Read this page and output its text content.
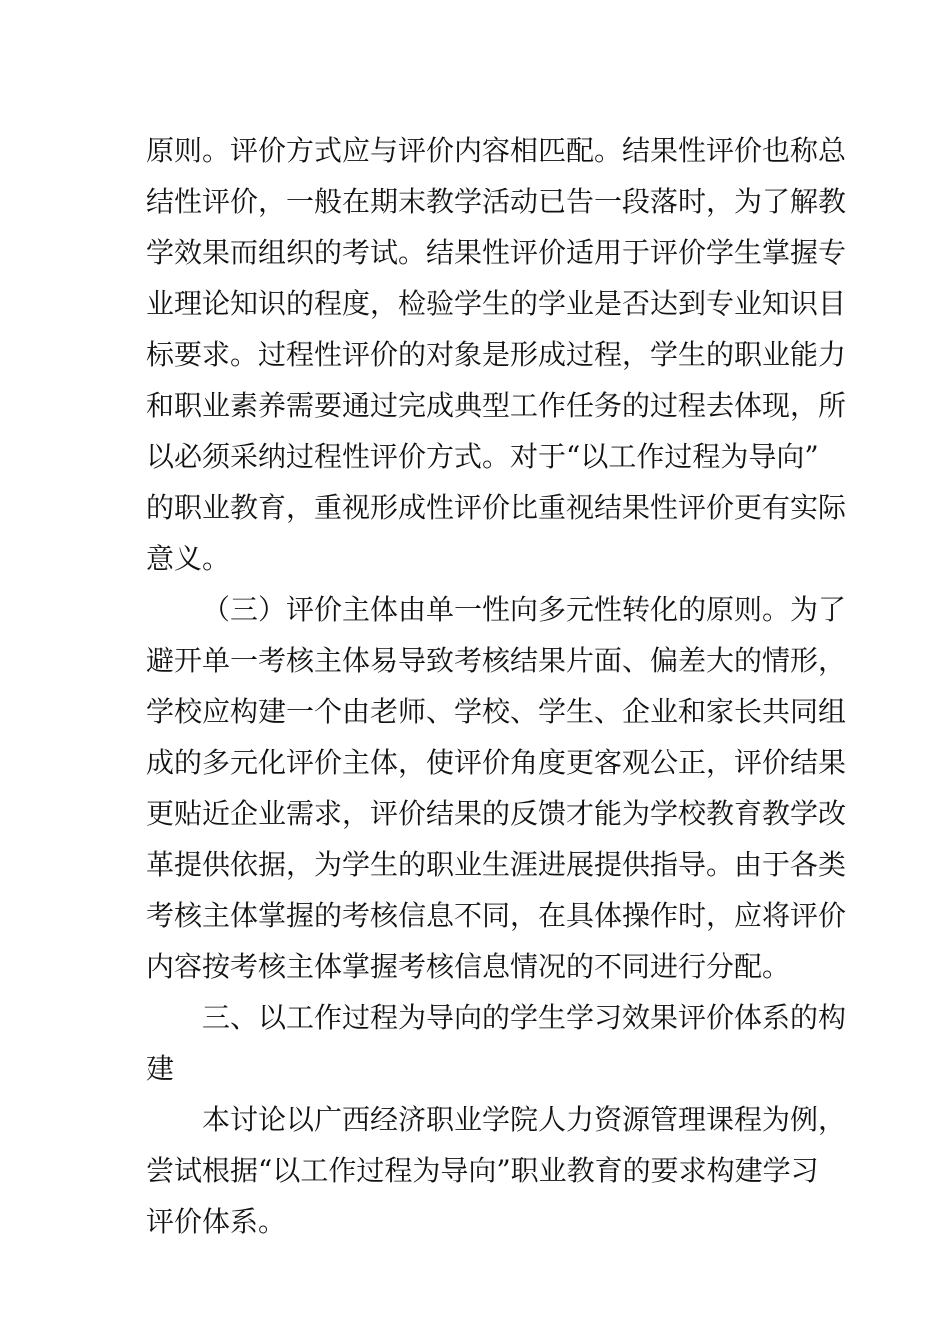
原则。评价方式应与评价内容相匹配。结果性评价也称总
结性评价，一般在期末教学活动已告一段落时，为了解教
学效果而组织的考试。结果性评价适用于评价学生掌握专
业理论知识的程度，检验学生的学业是否达到专业知识目
标要求。过程性评价的对象是形成过程，学生的职业能力
和职业素养需要通过完成典型工作任务的过程去体现，所
以必须采纳过程性评价方式。对于“以工作过程为导向”
的职业教育，重视形成性评价比重视结果性评价更有实际
意义。
（三）评价主体由单一性向多元性转化的原则。为了
避开单一考核主体易导致考核结果片面、偏差大的情形，
学校应构建一个由老师、学校、学生、企业和家长共同组
成的多元化评价主体，使评价角度更客观公正，评价结果
更贴近企业需求，评价结果的反馈才能为学校教育教学改
革提供依据，为学生的职业生涯进展提供指导。由于各类
考核主体掌握的考核信息不同，在具体操作时，应将评价
内容按考核主体掌握考核信息情况的不同进行分配。
三、以工作过程为导向的学生学习效果评价体系的构
建
本讨论以广西经济职业学院人力资源管理课程为例，
尝试根据“以工作过程为导向”职业教育的要求构建学习
评价体系。
